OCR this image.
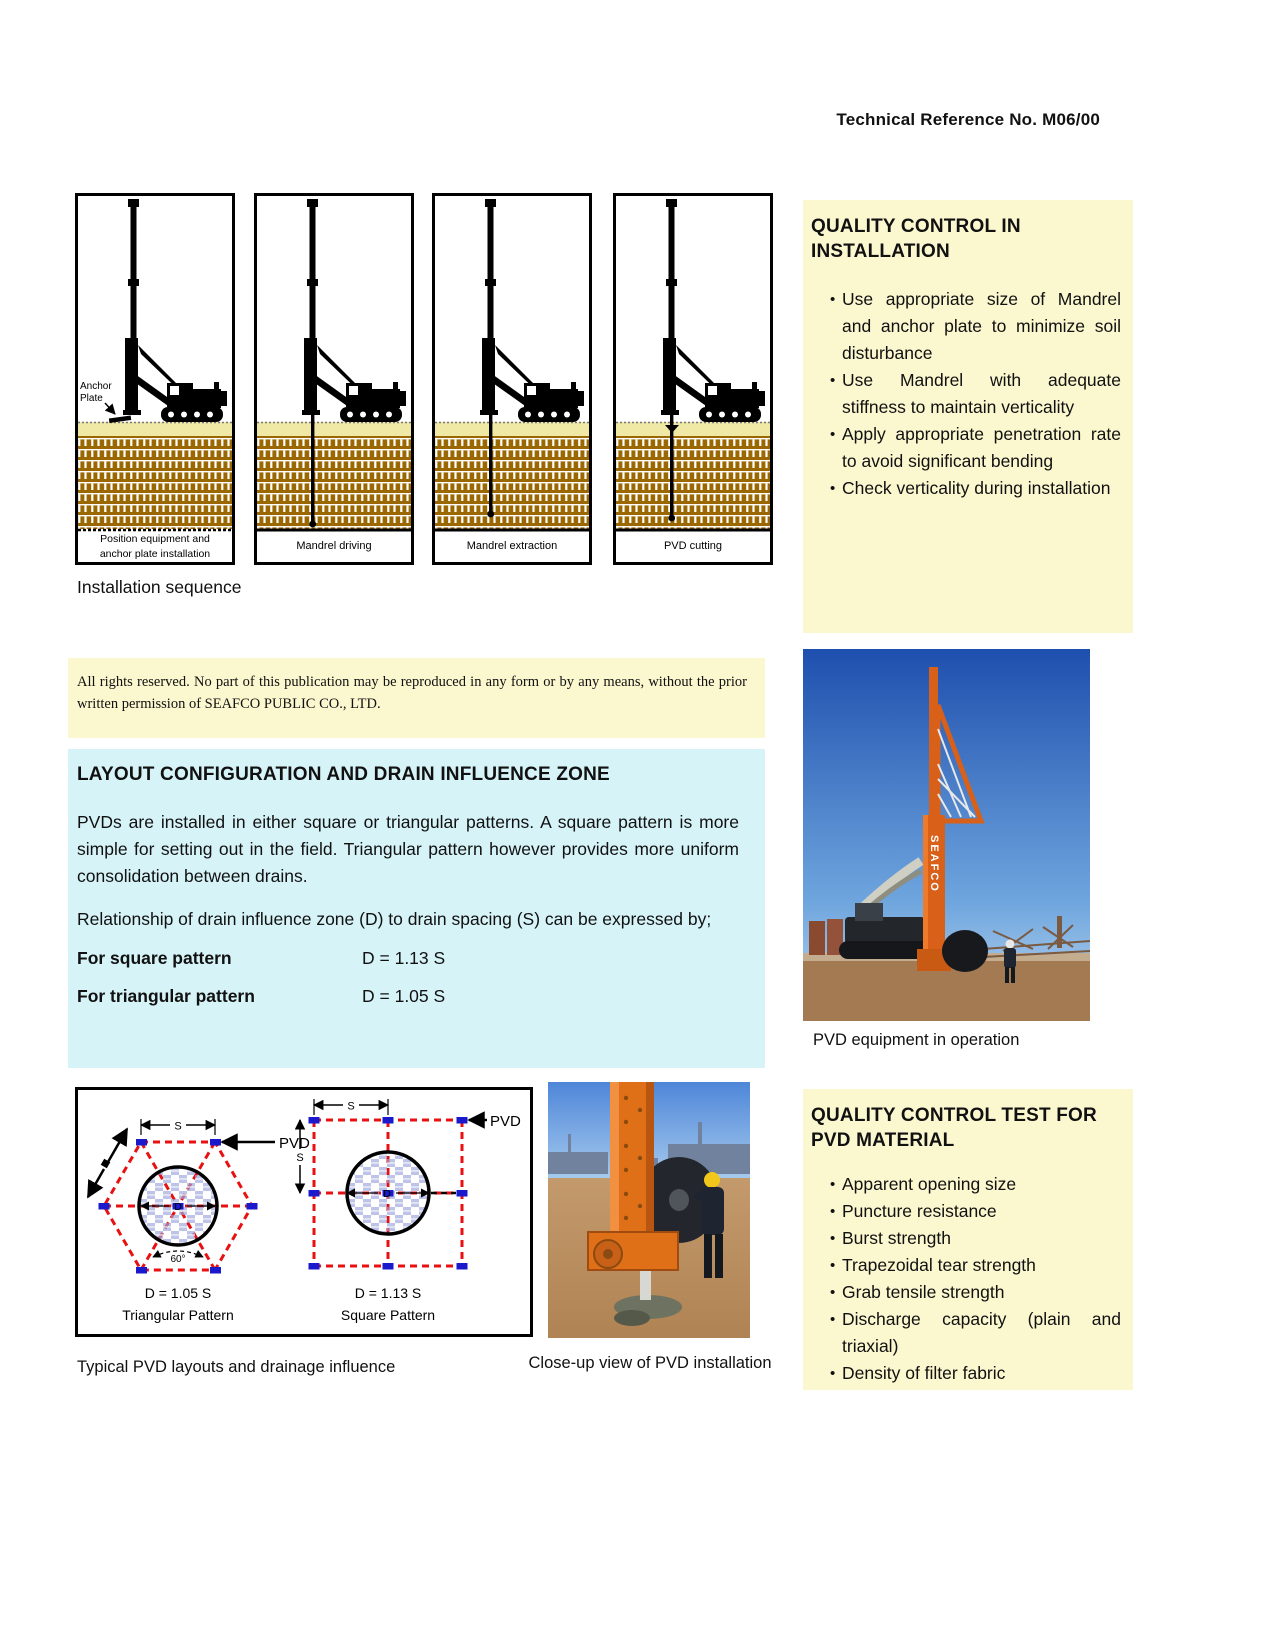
Technical Reference No. M06/00
Anchor
Plate
Position equipment and
anchor plate installation
Mandrel driving	Mandrel extraction	PVD cutting
Installation sequence
All rights reserved. No part of this publication may be reproduced in any form or by any means, without the prior written permission of SEAFCO PUBLIC CO., LTD.
LAYOUT CONFIGURATION AND DRAIN INFLUENCE ZONE

PVDs are installed in either square or triangular patterns. A square pattern is more simple for setting out in the field. Triangular pattern however provides more uniform consolidation between drains.

Relationship of drain influence zone (D) to drain spacing (S) can be expressed by;

For square pattern	D = 1.13 S
For triangular pattern	D = 1.05 S
S
D
PVD
60°
D = 1.05 S
Triangular Pattern
S
S
D
PVD
D = 1.13 S
Square Pattern
Typical PVD layouts and drainage influence	Close-up view of PVD installation
QUALITY CONTROL IN INSTALLATION
• Use appropriate size of Mandrel and anchor plate to minimize soil disturbance
• Use Mandrel with adequate stiffness to maintain verticality
• Apply appropriate penetration rate to avoid significant bending
• Check verticality during installation
SEAFCO
PVD equipment in operation
QUALITY CONTROL TEST FOR PVD MATERIAL
• Apparent opening size
• Puncture resistance
• Burst strength
• Trapezoidal tear strength
• Grab tensile strength
• Discharge capacity (plain and triaxial)
• Density of filter fabric
